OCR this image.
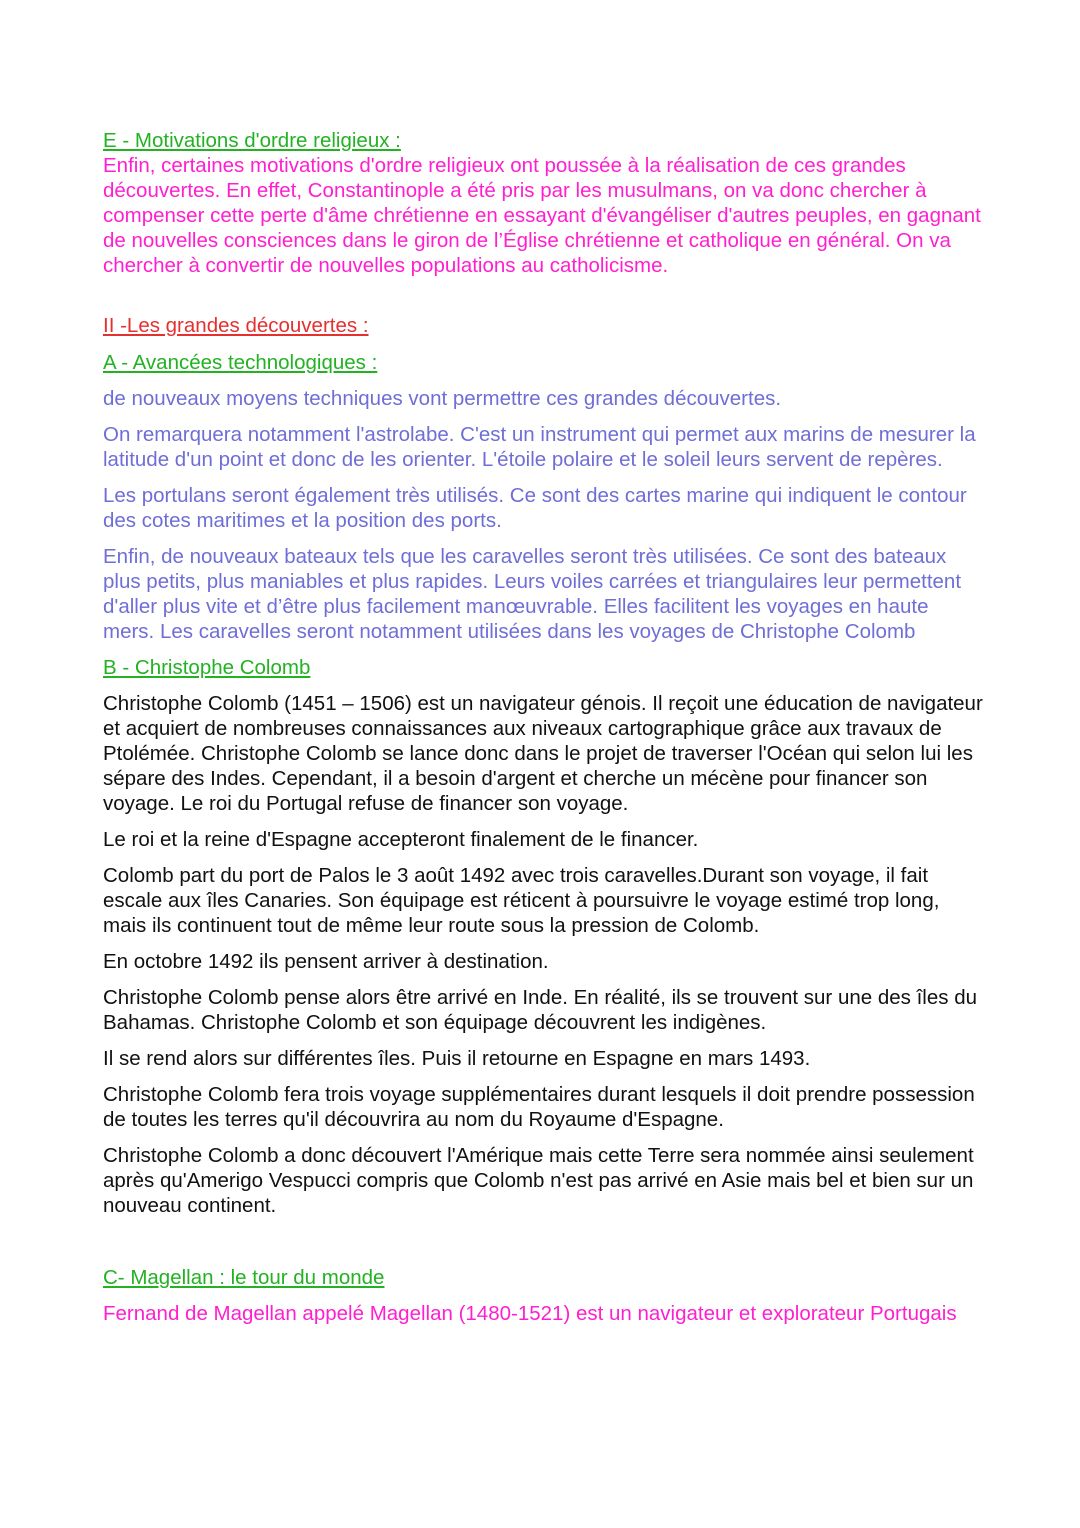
E - Motivations d'ordre religieux :

Enfin, certaines motivations d'ordre religieux ont poussée à la réalisation de ces grandes découvertes. En effet, Constantinople a été pris par les musulmans, on va donc chercher à compenser cette perte d'âme chrétienne en essayant d'évangéliser d'autres peuples, en gagnant de nouvelles consciences dans le giron de l’Église chrétienne et catholique en général. On va chercher à convertir de nouvelles populations au catholicisme.

II -Les grandes découvertes :
A - Avancées technologiques :

de nouveaux moyens techniques vont permettre ces grandes découvertes.

On remarquera notamment l'astrolabe. C'est un instrument qui permet aux marins de mesurer la latitude d'un point et donc de les orienter. L'étoile polaire et le soleil leurs servent de repères.

Les portulans seront également très utilisés. Ce sont des cartes marine qui indiquent le contour des cotes maritimes et la position des ports.

Enfin, de nouveaux bateaux tels que les caravelles seront très utilisées. Ce sont des bateaux plus petits, plus maniables et plus rapides. Leurs voiles carrées et triangulaires leur permettent d'aller plus vite et d’être plus facilement manœuvrable. Elles facilitent les voyages en haute mers. Les caravelles seront notamment utilisées dans les voyages de Christophe Colomb

B - Christophe Colomb

Christophe Colomb (1451 – 1506) est un navigateur génois. Il reçoit une éducation de navigateur et acquiert de nombreuses connaissances aux niveaux cartographique grâce aux travaux de Ptolémée. Christophe Colomb se lance donc dans le projet de traverser l'Océan qui selon lui les sépare des Indes. Cependant, il a besoin d'argent et cherche un mécène pour financer son voyage. Le roi du Portugal refuse de financer son voyage.

Le roi et la reine d'Espagne accepteront finalement de le financer.

Colomb part du port de Palos le 3 août 1492 avec trois caravelles.Durant son voyage, il fait escale aux îles Canaries. Son équipage est réticent à poursuivre le voyage estimé trop long, mais ils continuent tout de même leur route sous la pression de Colomb.

En octobre 1492 ils pensent arriver à destination.

Christophe Colomb pense alors être arrivé en Inde. En réalité, ils se trouvent sur une des îles du Bahamas. Christophe Colomb et son équipage découvrent les indigènes.

Il se rend alors sur différentes îles. Puis il retourne en Espagne en mars 1493.

Christophe Colomb fera trois voyage supplémentaires durant lesquels il doit prendre possession de toutes les terres qu'il découvrira au nom du Royaume d'Espagne.

Christophe Colomb a donc découvert l'Amérique mais cette Terre sera nommée ainsi seulement après qu'Amerigo Vespucci compris que Colomb n'est pas arrivé en Asie mais bel et bien sur un nouveau continent.

C- Magellan : le tour du monde

Fernand de Magellan appelé Magellan (1480-1521) est un navigateur et explorateur Portugais
